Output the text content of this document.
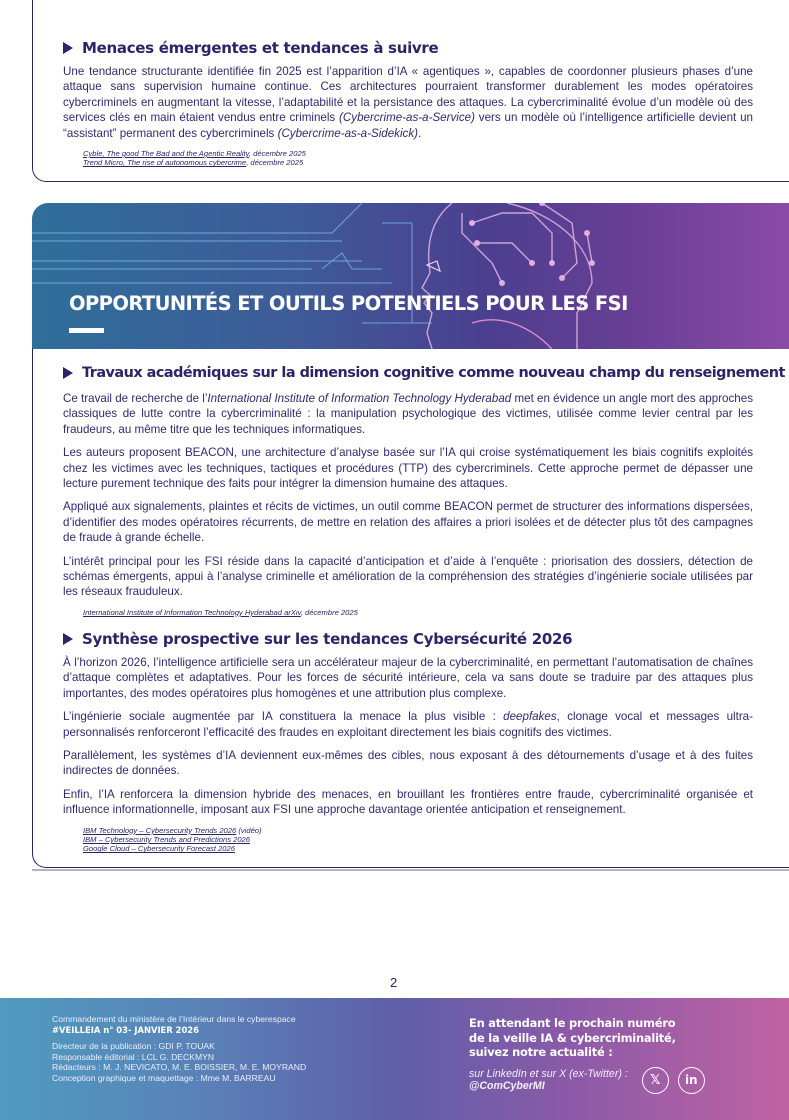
Menaces émergentes et tendances à suivre

Une tendance structurante identifiée fin 2025 est l’apparition d’IA « agentiques », capables de coordonner plusieurs phases d’une attaque sans supervision humaine continue. Ces architectures pourraient transformer durablement les modes opératoires cybercriminels en augmentant la vitesse, l’adaptabilité et la persistance des attaques. La cybercriminalité évolue d’un modèle où des services clés en main étaient vendus entre criminels (Cybercrime-as-a-Service) vers un modèle où l’intelligence artificielle devient un “assistant” permanent des cybercriminels (Cybercrime-as-a-Sidekick).

Cyble, The good The Bad and the Agentic Reality, décembre 2025
Trend Micro, The rise of autonomous cybercrime, décembre 2025
OPPORTUNITÉS ET OUTILS POTENTIELS POUR LES FSI
Travaux académiques sur la dimension cognitive comme nouveau champ du renseignement

Ce travail de recherche de l’International Institute of Information Technology Hyderabad met en évidence un angle mort des approches classiques de lutte contre la cybercriminalité : la manipulation psychologique des victimes, utilisée comme levier central par les fraudeurs, au même titre que les techniques informatiques.

Les auteurs proposent BEACON, une architecture d’analyse basée sur l’IA qui croise systématiquement les biais cognitifs exploités chez les victimes avec les techniques, tactiques et procédures (TTP) des cybercriminels. Cette approche permet de dépasser une lecture purement technique des faits pour intégrer la dimension humaine des attaques.

Appliqué aux signalements, plaintes et récits de victimes, un outil comme BEACON permet de structurer des informations dispersées, d’identifier des modes opératoires récurrents, de mettre en relation des affaires a priori isolées et de détecter plus tôt des campagnes de fraude à grande échelle.

L’intérêt principal pour les FSI réside dans la capacité d’anticipation et d’aide à l’enquête : priorisation des dossiers, détection de schémas émergents, appui à l’analyse criminelle et amélioration de la compréhension des stratégies d’ingénierie sociale utilisées par les réseaux frauduleux.

International Institute of Information Technology Hyderabad arXiv, décembre 2025
Synthèse prospective sur les tendances Cybersécurité 2026

À l’horizon 2026, l’intelligence artificielle sera un accélérateur majeur de la cybercriminalité, en permettant l’automatisation de chaînes d’attaque complètes et adaptatives. Pour les forces de sécurité intérieure, cela va sans doute se traduire par des attaques plus importantes, des modes opératoires plus homogènes et une attribution plus complexe.

L’ingénierie sociale augmentée par IA constituera la menace la plus visible : deepfakes, clonage vocal et messages ultra-personnalisés renforceront l’efficacité des fraudes en exploitant directement les biais cognitifs des victimes.

Parallèlement, les systèmes d’IA deviennent eux-mêmes des cibles, nous exposant à des détournements d’usage et à des fuites indirectes de données.

Enfin, l’IA renforcera la dimension hybride des menaces, en brouillant les frontières entre fraude, cybercriminalité organisée et influence informationnelle, imposant aux FSI une approche davantage orientée anticipation et renseignement.

IBM Technology – Cybersecurity Trends 2026 (vidéo)
IBM – Cybersecurity Trends and Predictions 2026
Google Cloud – Cybersecurity Forecast 2026
2
Commandement du ministère de l’Intérieur dans le cyberespace
#VEILLEIA n° 03- JANVIER 2026
Directeur de la publication : GDI P. TOUAK
Responsable éditorial : LCL G. DECKMYN
Rédacteurs : M. J. NEVICATO, M. E. BOISSIER, M. E. MOYRAND
Conception graphique et maquettage : Mme M. BARREAU
En attendant le prochain numéro
de la veille IA & cybercriminalité,
suivez notre actualité :
sur LinkedIn et sur X (ex-Twitter) :
@ComCyberMI	𝕏	in
